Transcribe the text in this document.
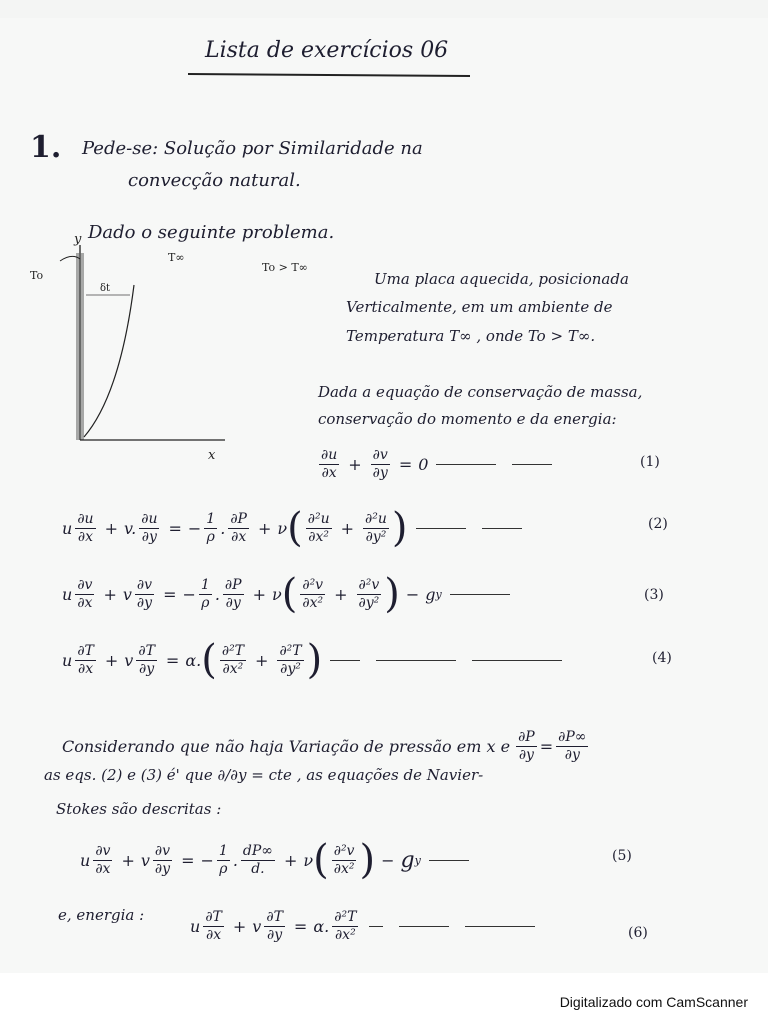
Lista de exercícios 06
1. Pede-se: Solução por Similaridade na
convecção natural.
Dado o seguinte problema.
y
x
To
T∞
To > T∞
δt
Uma placa aquecida, posicionada
Verticalmente, em um ambiente de
Temperatura T∞ , onde To > T∞.
Dada a equação de conservação de massa,
conservação do momento e da energia:
$\frac{\partial u}{\partial x} + \frac{\partial v}{\partial y} = 0$	(1)
u $\frac{\partial u}{\partial x} + v$. $\frac{\partial u}{\partial y}$ = − $\frac{1}{\rho}$ . $\frac{\partial P}{\partial x} + \nu$ ( $\frac{\text{∂²u}}{\text{∂x²}} + \frac{\text{∂²u}}{\text{∂y²}}$ )	(2)
u $\frac{\partial v}{\partial x} + v \frac{\partial v}{\partial y}$ = − $\frac{1}{\rho}$ . $\frac{\partial P}{\partial y} + \nu$ ( $\frac{\text{∂²v}}{\text{∂x²}} + \frac{\text{∂²v}}{\text{∂y²}}$ ) − g y	(3)
u $\frac{\partial T}{\partial x} + v \frac{\partial T}{\partial y} = \alpha$. ( $\frac{\text{∂²T}}{\text{∂x²}} + \frac{\text{∂²T}}{\text{∂y²}}$ )	(4)
Considerando que não haja Variação de pressão em x e $\frac{\partial P}{\partial y} = \frac{\partial P\infty}{\partial y}$
as eqs. (2) e (3) é' que ∂/∂y = cte , as equações de Navier-
Stokes são descritas :
u $\frac{\partial v}{\partial x} + v \frac{\partial v}{\partial y}$ = − $\frac{1}{\rho}$ . $\frac{dP\infty}{d.} + \nu$ ( $\frac{\text{∂²v}}{\text{∂x²}}$ ) − g y	(5)
e, energia :
u $\frac{\partial T}{\partial x} + v \frac{\partial T}{\partial y} = \alpha$. $\frac{\text{∂²T}}{\text{∂x²}}$	(6)
Digitalizado com CamScanner
